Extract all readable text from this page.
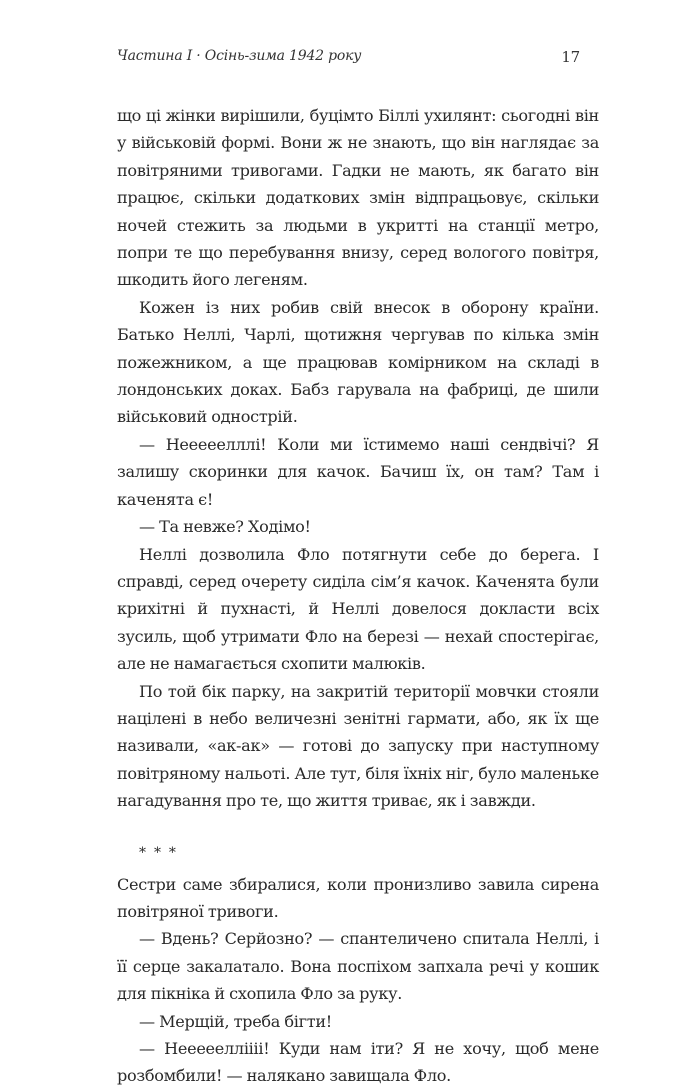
Частина I · Осінь-зима 1942 року	17

що ці жінки вирішили, буцімто Біллі ухилянт: сьогодні він у військовій формі. Вони ж не знають, що він наглядає за повітряними тривогами. Гадки не мають, як багато він працює, скільки додаткових змін відпрацьовує, скільки ночей стежить за людьми в укритті на станції метро, попри те що перебування внизу, серед вологого повітря, шкодить його легеням.

Кожен із них робив свій внесок в оборону країни. Батько Неллі, Чарлі, щотижня чергував по кілька змін пожежником, а ще працював комірником на складі в лондонських доках. Бабз гарувала на фабриці, де шили військовий однострій.

— Нееееелллі! Коли ми їстимемо наші сендвічі? Я залишу скоринки для качок. Бачиш їх, он там? Там і каченята є!

— Та невже? Ходімо!

Неллі дозволила Фло потягнути себе до берега. І справді, серед очерету сиділа сім’я качок. Каченята були крихітні й пухнасті, й Неллі довелося докласти всіх зусиль, щоб утримати Фло на березі — нехай спостерігає, але не намагається схопити малюків.

По той бік парку, на закритій території мовчки стояли націлені в небо величезні зенітні гармати, або, як їх ще називали, «ак-ак» — готові до запуску при наступному повітряному нальоті. Але тут, біля їхніх ніг, було маленьке нагадування про те, що життя триває, як і завжди.

* * *

Сестри саме збиралися, коли пронизливо завила сирена повітряної тривоги.

— Вдень? Серйозно? — спантеличено спитала Неллі, і її серце закалатало. Вона поспіхом запхала речі у кошик для пікніка й схопила Фло за руку.

— Мерщій, треба бігти!

— Нееееелліііі! Куди нам іти? Я не хочу, щоб мене розбомбили! — налякано завищала Фло.
